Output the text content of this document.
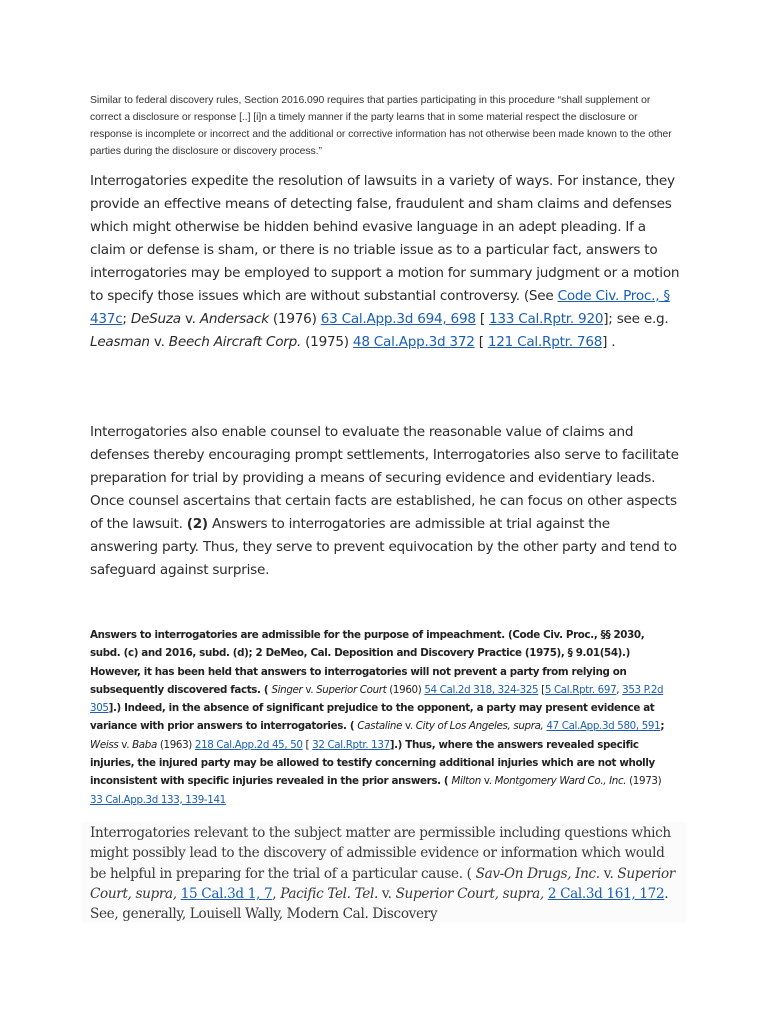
Similar to federal discovery rules, Section 2016.090 requires that parties participating in this procedure “shall supplement or correct a disclosure or response [..] [i]n a timely manner if the party learns that in some material respect the disclosure or response is incomplete or incorrect and the additional or corrective information has not otherwise been made known to the other parties during the disclosure or discovery process.”
Interrogatories expedite the resolution of lawsuits in a variety of ways. For instance, they provide an effective means of detecting false, fraudulent and sham claims and defenses which might otherwise be hidden behind evasive language in an adept pleading. If a claim or defense is sham, or there is no triable issue as to a particular fact, answers to interrogatories may be employed to support a motion for summary judgment or a motion to specify those issues which are without substantial controversy. (See Code Civ. Proc., § 437c; DeSuza v. Andersack (1976) 63 Cal.App.3d 694, 698 [ 133 Cal.Rptr. 920]; see e.g. Leasman v. Beech Aircraft Corp. (1975) 48 Cal.App.3d 372 [ 121 Cal.Rptr. 768] .
Interrogatories also enable counsel to evaluate the reasonable value of claims and defenses thereby encouraging prompt settlements, Interrogatories also serve to facilitate preparation for trial by providing a means of securing evidence and evidentiary leads. Once counsel ascertains that certain facts are established, he can focus on other aspects of the lawsuit. (2) Answers to interrogatories are admissible at trial against the answering party. Thus, they serve to prevent equivocation by the other party and tend to safeguard against surprise.
Answers to interrogatories are admissible for the purpose of impeachment. (Code Civ. Proc., §§ 2030, subd. (c) and 2016, subd. (d); 2 DeMeo, Cal. Deposition and Discovery Practice (1975), § 9.01(54).) However, it has been held that answers to interrogatories will not prevent a party from relying on subsequently discovered facts. ( Singer v. Superior Court (1960) 54 Cal.2d 318, 324-325 [5 Cal.Rptr. 697, 353 P.2d 305].) Indeed, in the absence of significant prejudice to the opponent, a party may present evidence at variance with prior answers to interrogatories. ( Castaline v. City of Los Angeles, supra, 47 Cal.App.3d 580, 591; Weiss v. Baba (1963) 218 Cal.App.2d 45, 50 [ 32 Cal.Rptr. 137].) Thus, where the answers revealed specific injuries, the injured party may be allowed to testify concerning additional injuries which are not wholly inconsistent with specific injuries revealed in the prior answers. ( Milton v. Montgomery Ward Co., Inc. (1973) 33 Cal.App.3d 133, 139-141
Interrogatories relevant to the subject matter are permissible including questions which might possibly lead to the discovery of admissible evidence or information which would be helpful in preparing for the trial of a particular cause. ( Sav-On Drugs, Inc. v. Superior Court, supra, 15 Cal.3d 1, 7, Pacific Tel. Tel. v. Superior Court, supra, 2 Cal.3d 161, 172. See, generally, Louisell Wally, Modern Cal. Discovery
